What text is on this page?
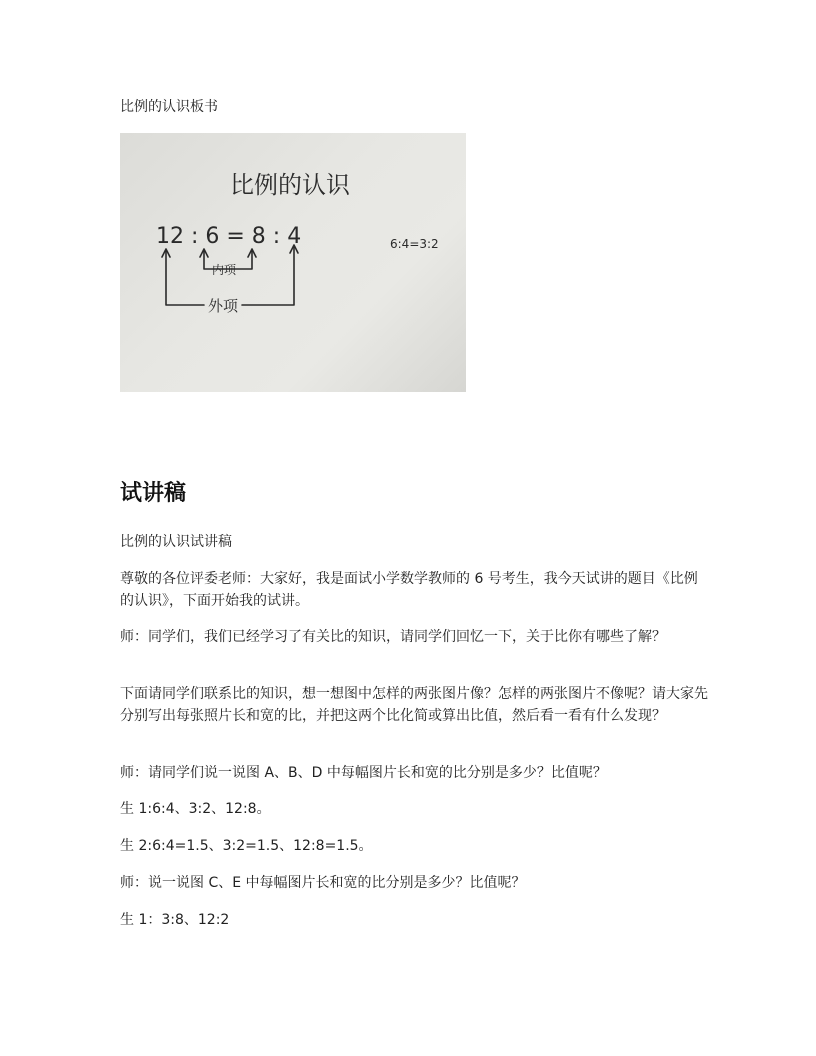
比例的认识板书
比例的认识
12 : 6 = 8 : 4	6:4=3:2
内项
外项
试讲稿
比例的认识试讲稿
尊敬的各位评委老师：大家好，我是面试小学数学教师的 6 号考生，我今天试讲的题目《比例的认识》，下面开始我的试讲。
师：同学们，我们已经学习了有关比的知识，请同学们回忆一下，关于比你有哪些了解？
下面请同学们联系比的知识，想一想图中怎样的两张图片像？怎样的两张图片不像呢？请大家先分别写出每张照片长和宽的比，并把这两个比化简或算出比值，然后看一看有什么发现？
师：请同学们说一说图 A、B、D 中每幅图片长和宽的比分别是多少？比值呢？
生 1:6:4、3:2、12:8。
生 2:6:4=1.5、3:2=1.5、12:8=1.5。
师：说一说图 C、E 中每幅图片长和宽的比分别是多少？比值呢？
生 1：3:8、12:2
